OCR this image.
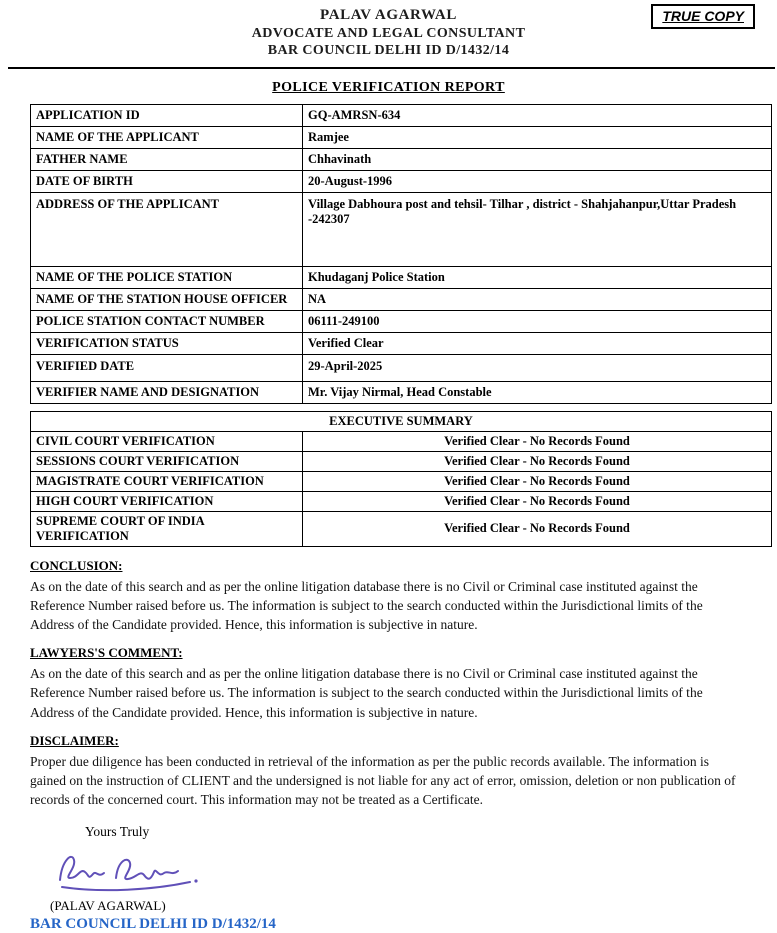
TRUE COPY
PALAV AGARWAL
ADVOCATE AND LEGAL CONSULTANT
BAR COUNCIL DELHI ID D/1432/14
POLICE VERIFICATION REPORT
APPLICATION ID	GQ-AMRSN-634
NAME OF THE APPLICANT	Ramjee
FATHER NAME	Chhavinath
DATE OF BIRTH	20-August-1996
ADDRESS OF THE APPLICANT	Village Dabhoura post and tehsil- Tilhar , district - Shahjahanpur,Uttar Pradesh -242307
NAME OF THE POLICE STATION	Khudaganj Police Station
NAME OF THE STATION HOUSE OFFICER	NA
POLICE STATION CONTACT NUMBER	06111-249100
VERIFICATION STATUS	Verified Clear
VERIFIED DATE	29-April-2025
VERIFIER NAME AND DESIGNATION	Mr. Vijay Nirmal, Head Constable
EXECUTIVE SUMMARY	
CIVIL COURT VERIFICATION	Verified Clear - No Records Found
SESSIONS COURT VERIFICATION	Verified Clear - No Records Found
MAGISTRATE COURT VERIFICATION	Verified Clear - No Records Found
HIGH COURT VERIFICATION	Verified Clear - No Records Found
SUPREME COURT OF INDIA VERIFICATION	Verified Clear - No Records Found
CONCLUSION:

As on the date of this search and as per the online litigation database there is no Civil or Criminal case instituted against the Reference Number raised before us. The information is subject to the search conducted within the Jurisdictional limits of the Address of the Candidate provided. Hence, this information is subjective in nature.

LAWYERS'S COMMENT:

As on the date of this search and as per the online litigation database there is no Civil or Criminal case instituted against the Reference Number raised before us. The information is subject to the search conducted within the Jurisdictional limits of the Address of the Candidate provided. Hence, this information is subjective in nature.

DISCLAIMER:

Proper due diligence has been conducted in retrieval of the information as per the public records available. The information is gained on the instruction of CLIENT and the undersigned is not liable for any act of error, omission, deletion or non publication of records of the concerned court. This information may not be treated as a Certificate.

Yours Truly
(PALAV AGARWAL)
BAR COUNCIL DELHI ID D/1432/14
